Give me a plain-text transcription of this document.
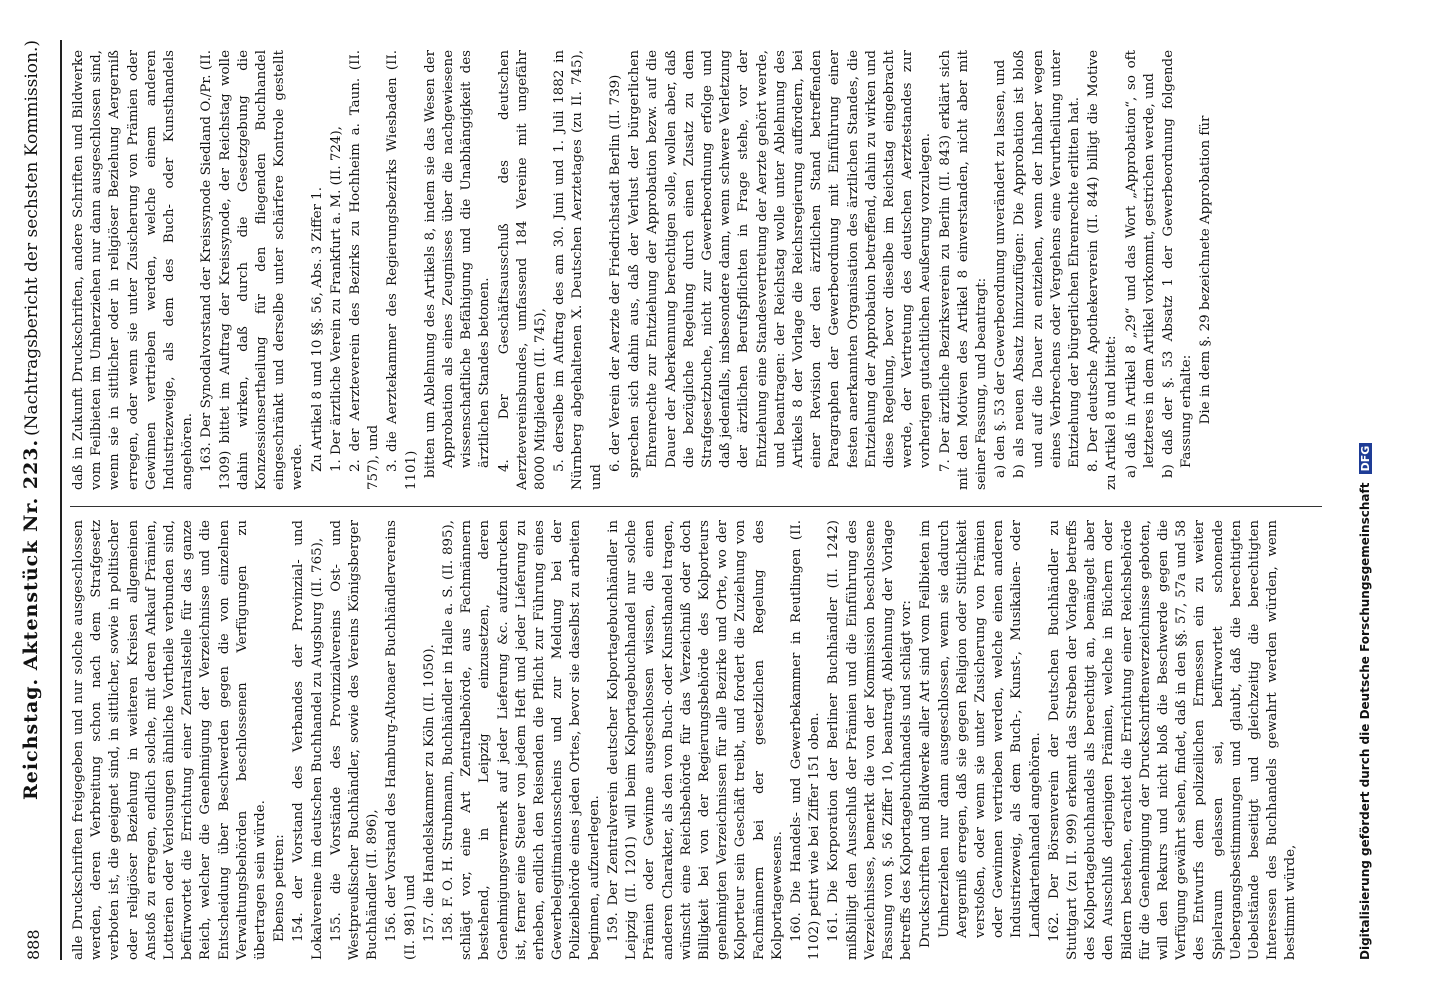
888
Reichstag. Aktenstück Nr. 223.
(Nachtragsbericht der sechsten Kommission.)

alle Druckschriften freigegeben und nur solche ausgeschlossen werden, deren Verbreitung schon nach dem Strafgesetz verboten ist, die geeignet sind, in sittlicher, sowie in politischer oder religiöser Beziehung in weiteren Kreisen allgemeinen Anstoß zu erregen, endlich solche, mit deren Ankauf Prämien, Lotterien oder Verlosungen ähnliche Vortheile verbunden sind, befürwortet die Errichtung einer Zentralstelle für das ganze Reich, welcher die Genehmigung der Verzeichnisse und die Entscheidung über Beschwerden gegen die von einzelnen Verwaltungsbehörden beschlossenen Verfügungen zu übertragen sein würde. Ebenso petiren: 154. der Vorstand des Verbandes der Provinzial- und Lokalvereine im deutschen Buchhandel zu Augsburg (II. 765), 155. die Vorstände des Provinzialvereins Ost- und Westpreußischer Buchhändler, sowie des Vereins Königsberger Buchhändler (II. 896), 156. der Vorstand des Hamburg-Altonaer Buchhändlervereins (II. 981) und 157. die Handelskammer zu Köln (II. 1050). 158. F. O. H. Strubmann, Buchhändler in Halle a. S. (II. 895), schlägt vor, eine Art Zentralbehörde, aus Fachmännern bestehend, in Leipzig einzusetzen, deren Genehmigungsvermerk auf jeder Lieferung &c. aufzudrucken ist, ferner eine Steuer von jedem Heft und jeder Lieferung zu erheben, endlich den Reisenden die Pflicht zur Führung eines Gewerbelegitimationsscheins und zur Meldung bei der Polizeibehörde eines jeden Ortes, bevor sie daselbst zu arbeiten beginnen, aufzuerlegen. 159. Der Zentralverein deutscher Kolportagebuchhändler in Leipzig (II. 1201) will beim Kolportagebuchhandel nur solche Prämien oder Gewinne ausgeschlossen wissen, die einen anderen Charakter, als den von Buch- oder Kunsthandel tragen, wünscht eine Reichsbehörde für das Verzeichniß oder doch Billigkeit bei von der Regierungsbehörde des Kolporteurs genehmigten Verzeichnissen für alle Bezirke und Orte, wo der Kolporteur sein Geschäft treibt, und fordert die Zuziehung von Fachmännern bei der gesetzlichen Regelung des Kolportagewesens. 160. Die Handels- und Gewerbekammer in Reutlingen (II. 1102) petirt wie bei Ziffer 151 oben. 161. Die Korporation der Berliner Buchhändler (II. 1242) mißbilligt den Ausschluß der Prämien und die Einführung des Verzeichnisses, bemerkt die von der Kommission beschlossene Fassung von §. 56 Ziffer 10, beantragt Ablehnung der Vorlage betreffs des Kolportagebuchhandels und schlägt vor: Druckschriften und Bildwerke aller Art sind vom Feilbieten im Umherziehen nur dann ausgeschlossen, wenn sie dadurch Aergerniß erregen, daß sie gegen Religion oder Sittlichkeit verstoßen, oder wenn sie unter Zusicherung von Prämien oder Gewinnen vertrieben werden, welche einen anderen Industriezweig, als dem Buch-, Kunst-, Musikalien- oder Landkartenhandel angehören. 162. Der Börsenverein der Deutschen Buchhändler zu Stuttgart (zu II. 999) erkennt das Streben der Vorlage betreffs des Kolportagebuchhandels als berechtigt an, bemängelt aber den Ausschluß derjenigen Prämien, welche in Büchern oder Bildern bestehen, erachtet die Errichtung einer Reichsbehörde für die Genehmigung der Druckschriftenverzeichnisse geboten, will den Rekurs und nicht bloß die Beschwerde gegen die Verfügung gewährt sehen, findet, daß in den §§. 57, 57a und 58 des Entwurfs dem polizeilichen Ermessen ein zu weiter Spielraum gelassen sei, befürwortet schonende Uebergangsbestimmungen und glaubt, daß die berechtigten Uebelstände beseitigt und gleichzeitig die berechtigten Interessen des Buchhandels gewahrt werden würden, wenn bestimmt würde,

daß in Zukunft Druckschriften, andere Schriften und Bildwerke vom Feilbieten im Umherziehen nur dann ausgeschlossen sind, wenn sie in sittlicher oder in religiöser Beziehung Aergerniß erregen, oder wenn sie unter Zusicherung von Prämien oder Gewinnen vertrieben werden, welche einem anderen Industriezweige, als dem des Buch- oder Kunsthandels angehören. 163. Der Synodalvorstand der Kreissynode Siedland O./Pr. (II. 1309) bittet im Auftrag der Kreissynode, der Reichstag wolle dahin wirken, daß durch die Gesetzgebung die Konzessionsertheilung für den fliegenden Buchhandel eingeschränkt und derselbe unter schärfere Kontrole gestellt werde. Zu Artikel 8 und 10 §§. 56, Abs. 3 Ziffer 1. 1. Der ärztliche Verein zu Frankfurt a. M. (II. 724), 2. der Aerzteverein des Bezirks zu Hochheim a. Taun. (II. 757), und 3. die Aerztekammer des Regierungsbezirks Wiesbaden (II. 1101) bitten um Ablehnung des Artikels 8, indem sie das Wesen der Approbation als eines Zeugnisses über die nachgewiesene wissenschaftliche Befähigung und die Unabhängigkeit des ärztlichen Standes betonen. 4. Der Geschäftsausschuß des deutschen Aerztevereinsbundes, umfassend 184 Vereine mit ungefähr 8000 Mitgliedern (II. 745), 5. derselbe im Auftrag des am 30. Juni und 1. Juli 1882 in Nürnberg abgehaltenen X. Deutschen Aerztetages (zu II. 745), und

6. der Verein der Aerzte der Friedrichstadt Berlin (II. 739) sprechen sich dahin aus, daß der Verlust der bürgerlichen Ehrenrechte zur Entziehung der Approbation bezw. auf die Dauer der Aberkennung berechtigen solle, wollen aber, daß die bezügliche Regelung durch einen Zusatz zu dem Strafgesetzbuche, nicht zur Gewerbeordnung erfolge und daß jedenfalls, insbesondere dann, wenn schwere Verletzung der ärztlichen Berufspflichten in Frage stehe, vor der Entziehung eine Standesvertretung der Aerzte gehört werde, und beantragen: der Reichstag wolle unter Ablehnung des Artikels 8 der Vorlage die Reichsregierung auffordern, bei einer Revision der den ärztlichen Stand betreffenden Paragraphen der Gewerbeordnung mit Einführung einer festen anerkannten Organisation des ärztlichen Standes, die Entziehung der Approbation betreffend, dahin zu wirken und diese Regelung, bevor dieselbe im Reichstag eingebracht werde, der Vertretung des deutschen Aerztestandes zur vorherigen gutachtlichen Aeußerung vorzulegen. 7. Der ärztliche Bezirksverein zu Berlin (II. 843) erklärt sich mit den Motiven des Artikel 8 einverstanden, nicht aber mit seiner Fassung, und beantragt: a) den §. 53 der Gewerbeordnung unverändert zu lassen, und b) als neuen Absatz hinzuzufügen: Die Approbation ist bloß und auf die Dauer zu entziehen, wenn der Inhaber wegen eines Verbrechens oder Vergehens eine Verurtheilung unter Entziehung der bürgerlichen Ehrenrechte erlitten hat. 8. Der deutsche Apothekerverein (II. 844) billigt die Motive zu Artikel 8 und bittet: a) daß in Artikel 8 „29“ und das Wort „Approbation“, so oft letzteres in dem Artikel vorkommt, gestrichen werde, und b) daß der §. 53 Absatz 1 der Gewerbeordnung folgende Fassung erhalte: Die in dem §. 29 bezeichnete Approbation für

Digitalisierung gefördert durch die Deutsche Forschungsgemeinschaft DFG
